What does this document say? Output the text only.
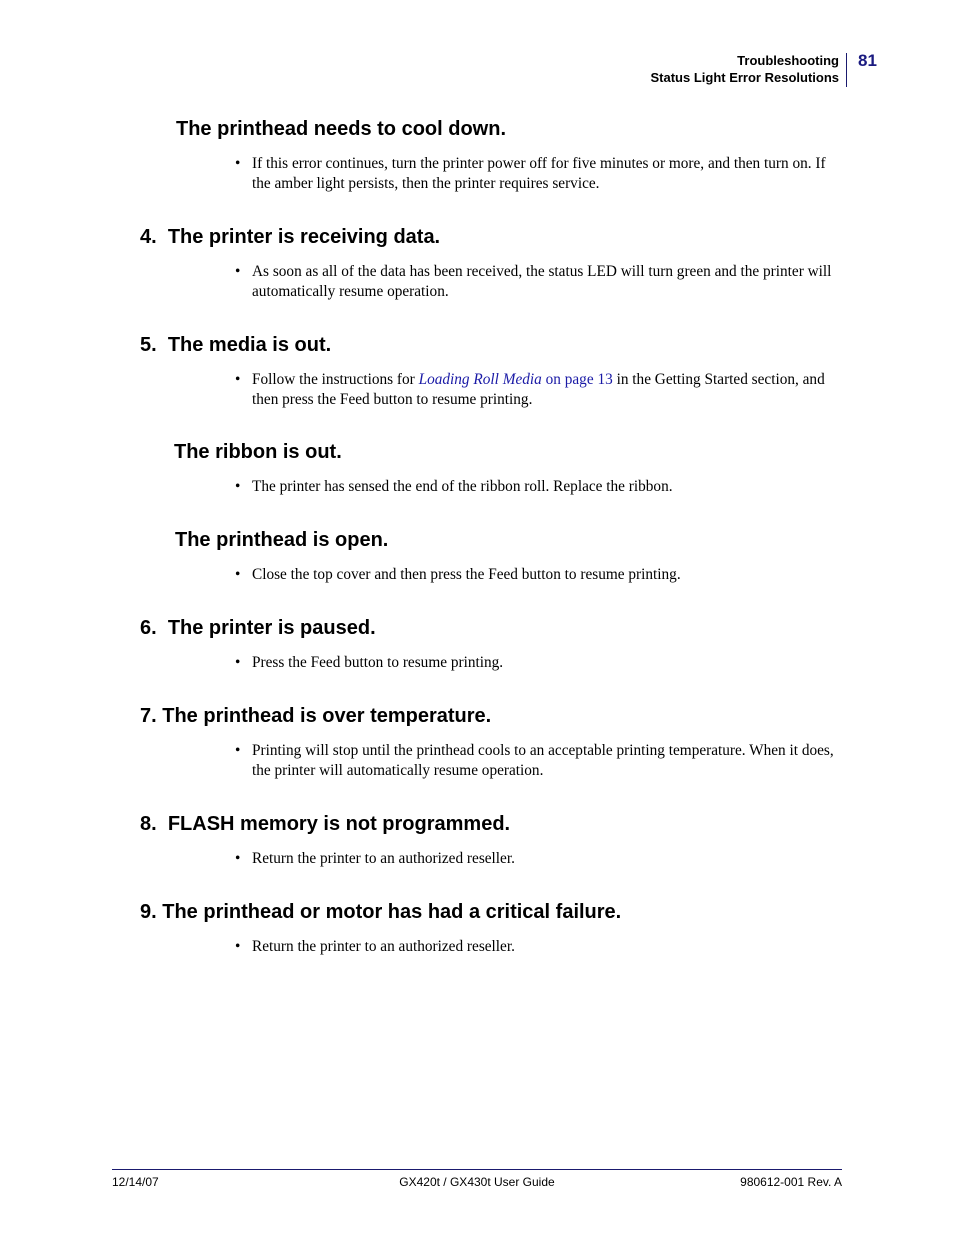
Troubleshooting
Status Light Error Resolutions
81
The printhead needs to cool down.
• If this error continues, turn the printer power off for five minutes or more, and then turn on. If the amber light persists, then the printer requires service.
4. The printer is receiving data.
• As soon as all of the data has been received, the status LED will turn green and the printer will automatically resume operation.
5. The media is out.
• Follow the instructions for Loading Roll Media on page 13 in the Getting Started section, and then press the Feed button to resume printing.
The ribbon is out.
• The printer has sensed the end of the ribbon roll. Replace the ribbon.
The printhead is open.
• Close the top cover and then press the Feed button to resume printing.
6. The printer is paused.
• Press the Feed button to resume printing.
7. The printhead is over temperature.
• Printing will stop until the printhead cools to an acceptable printing temperature. When it does, the printer will automatically resume operation.
8. FLASH memory is not programmed.
• Return the printer to an authorized reseller.
9. The printhead or motor has had a critical failure.
• Return the printer to an authorized reseller.
12/14/07	GX420t / GX430t User Guide	980612-001 Rev. A
